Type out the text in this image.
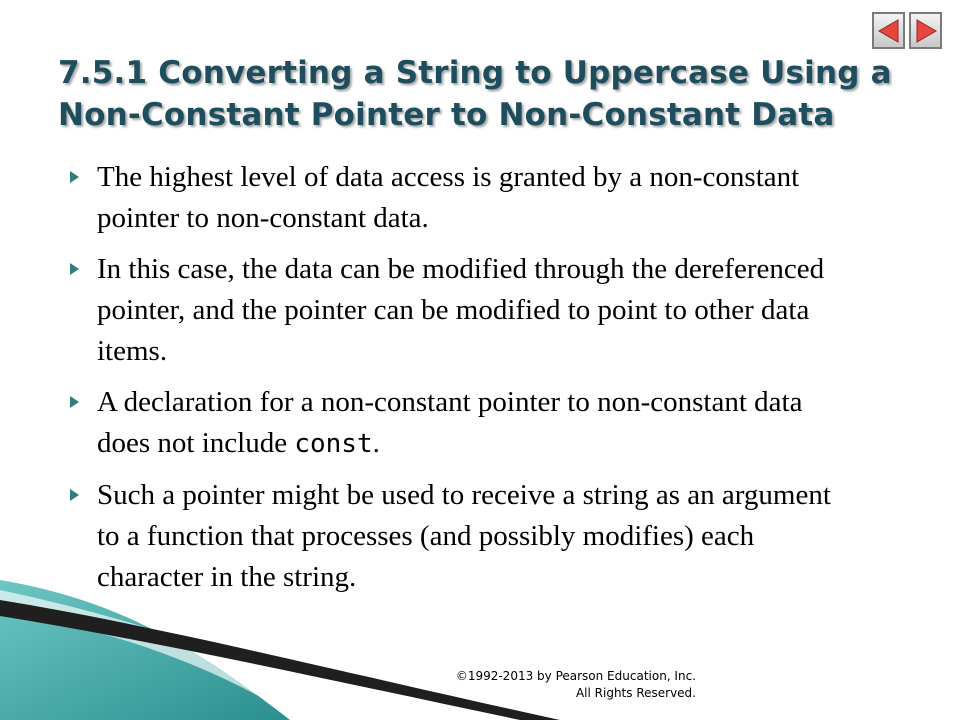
7.5.1 Converting a String to Uppercase Using a
Non-Constant Pointer to Non-Constant Data
The highest level of data access is granted by a non-constant pointer to non-constant data.
In this case, the data can be modified through the dereferenced pointer, and the pointer can be modified to point to other data items.
A declaration for a non-constant pointer to non-constant data does not include const.
Such a pointer might be used to receive a string as an argument to a function that processes (and possibly modifies) each character in the string.
©1992-2013 by Pearson Education, Inc.
All Rights Reserved.
